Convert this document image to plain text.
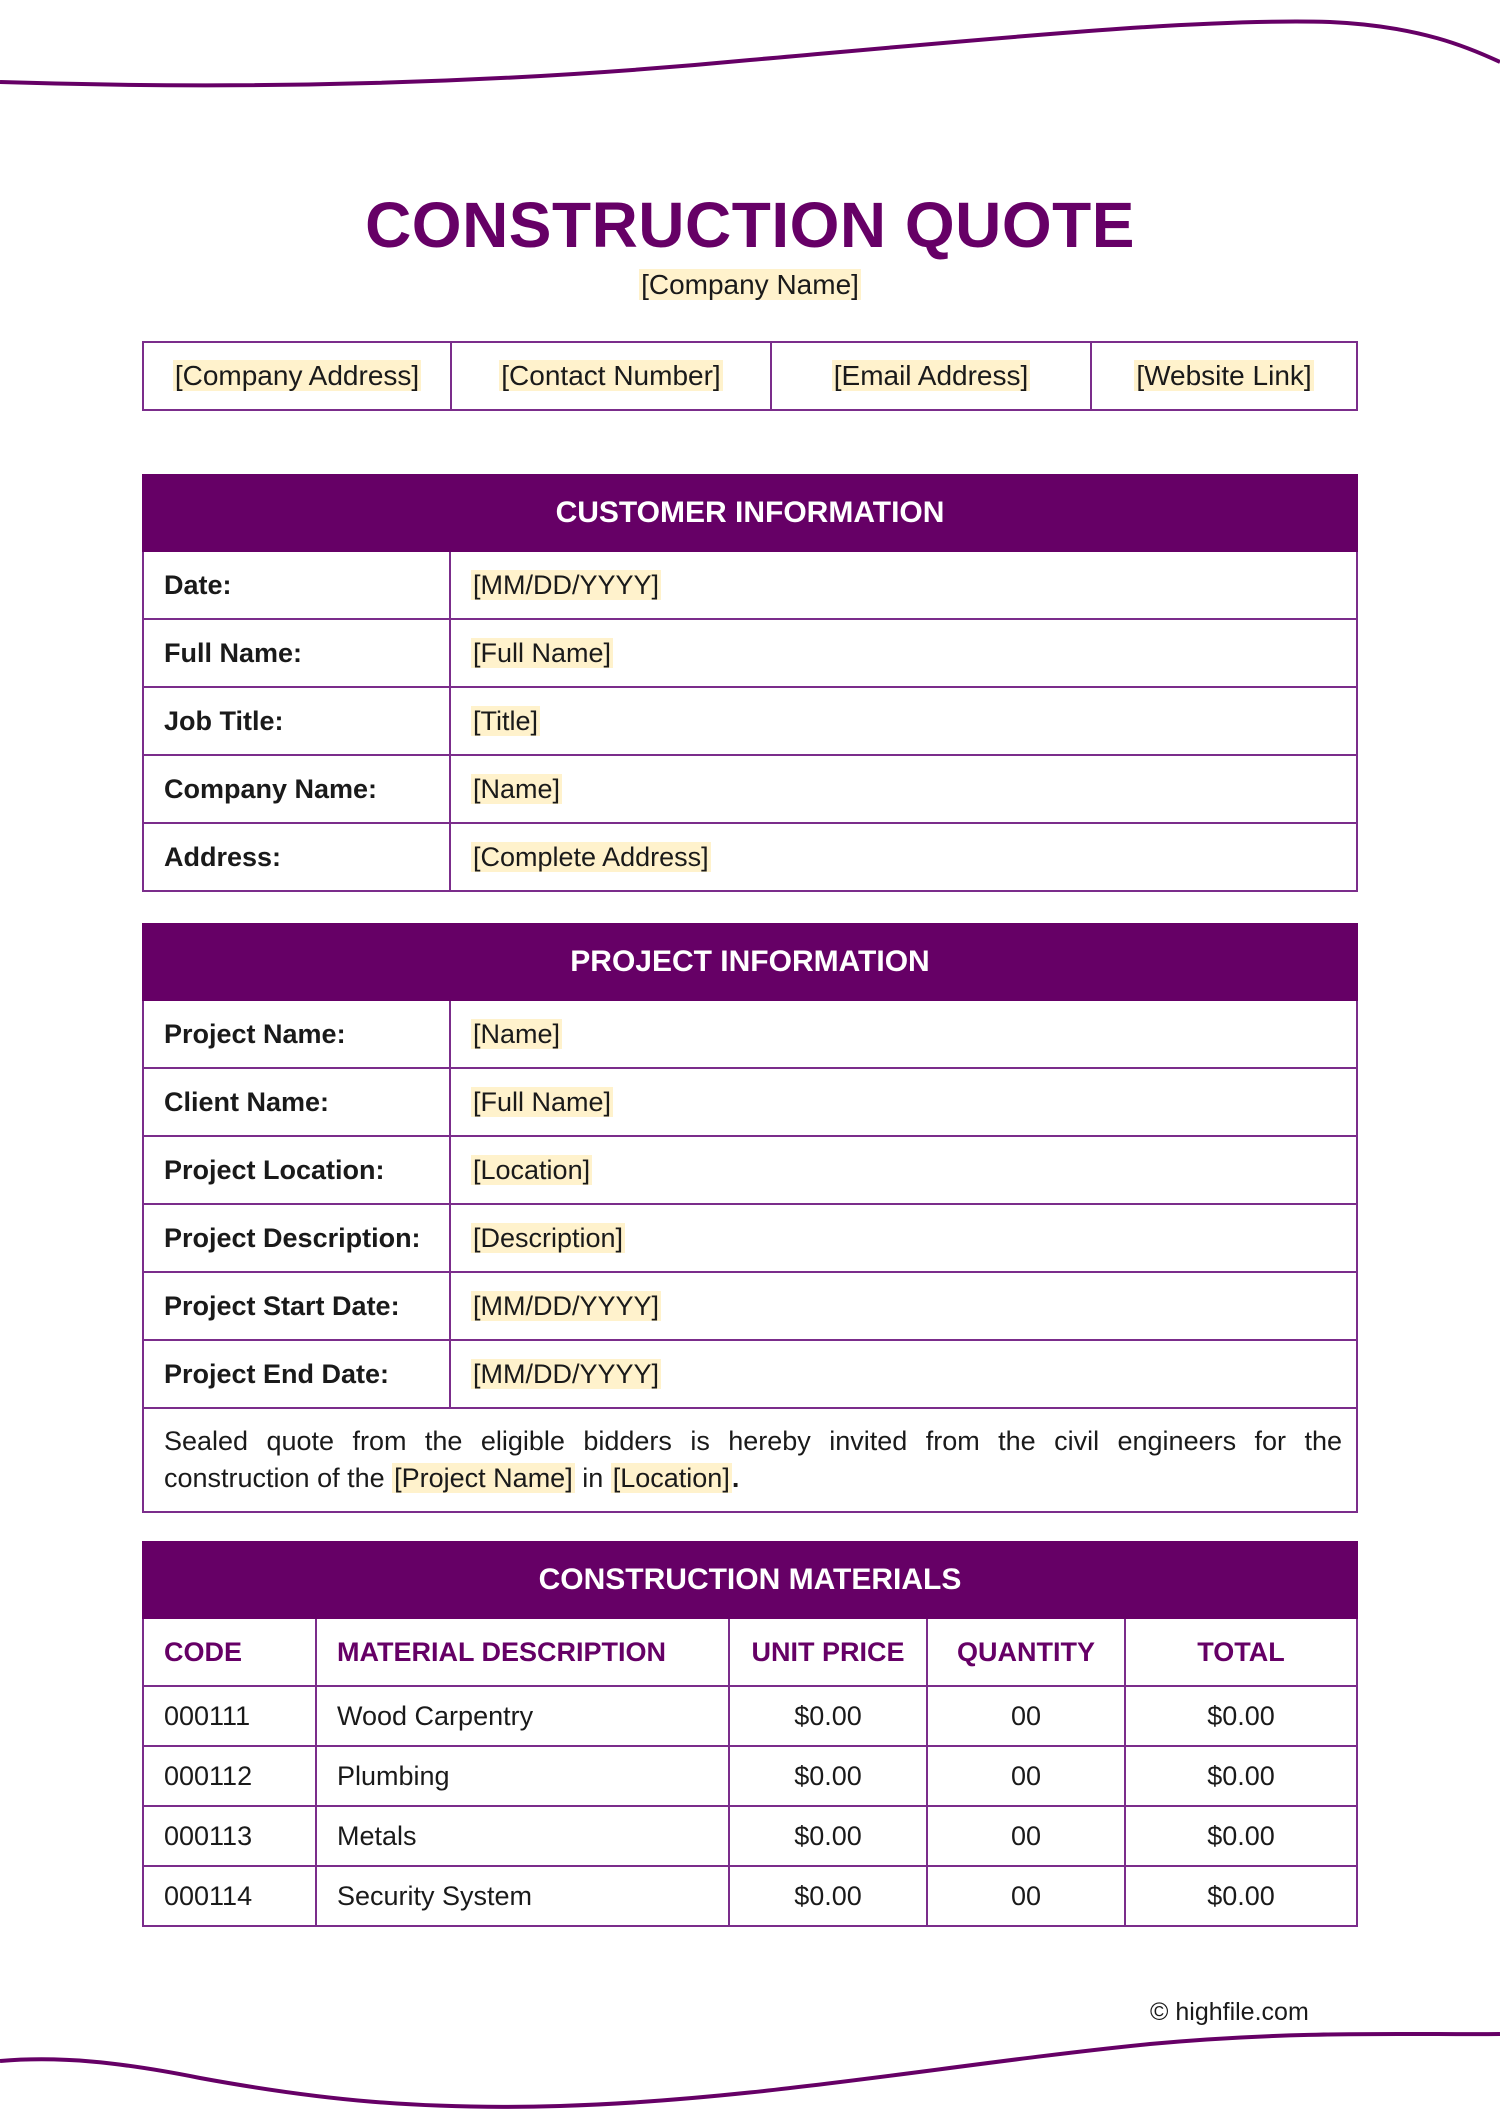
CONSTRUCTION QUOTE
[Company Name]
[Company Address]	[Contact Number]	[Email Address]	[Website Link]
CUSTOMER INFORMATION	
Date:	[MM/DD/YYYY]
Full Name:	[Full Name]
Job Title:	[Title]
Company Name:	[Name]
Address:	[Complete Address]
PROJECT INFORMATION	
Project Name:	[Name]
Client Name:	[Full Name]
Project Location:	[Location]
Project Description:	[Description]
Project Start Date:	[MM/DD/YYYY]
Project End Date:	[MM/DD/YYYY]
Sealed quote from the eligible bidders is hereby invited from the civil engineers for the construction of the [Project Name] in [Location].	
CONSTRUCTION MATERIALS				
CODE	MATERIAL DESCRIPTION	UNIT PRICE	QUANTITY	TOTAL
000111	Wood Carpentry	$0.00	00	$0.00
000112	Plumbing	$0.00	00	$0.00
000113	Metals	$0.00	00	$0.00
000114	Security System	$0.00	00	$0.00
© highfile.com
